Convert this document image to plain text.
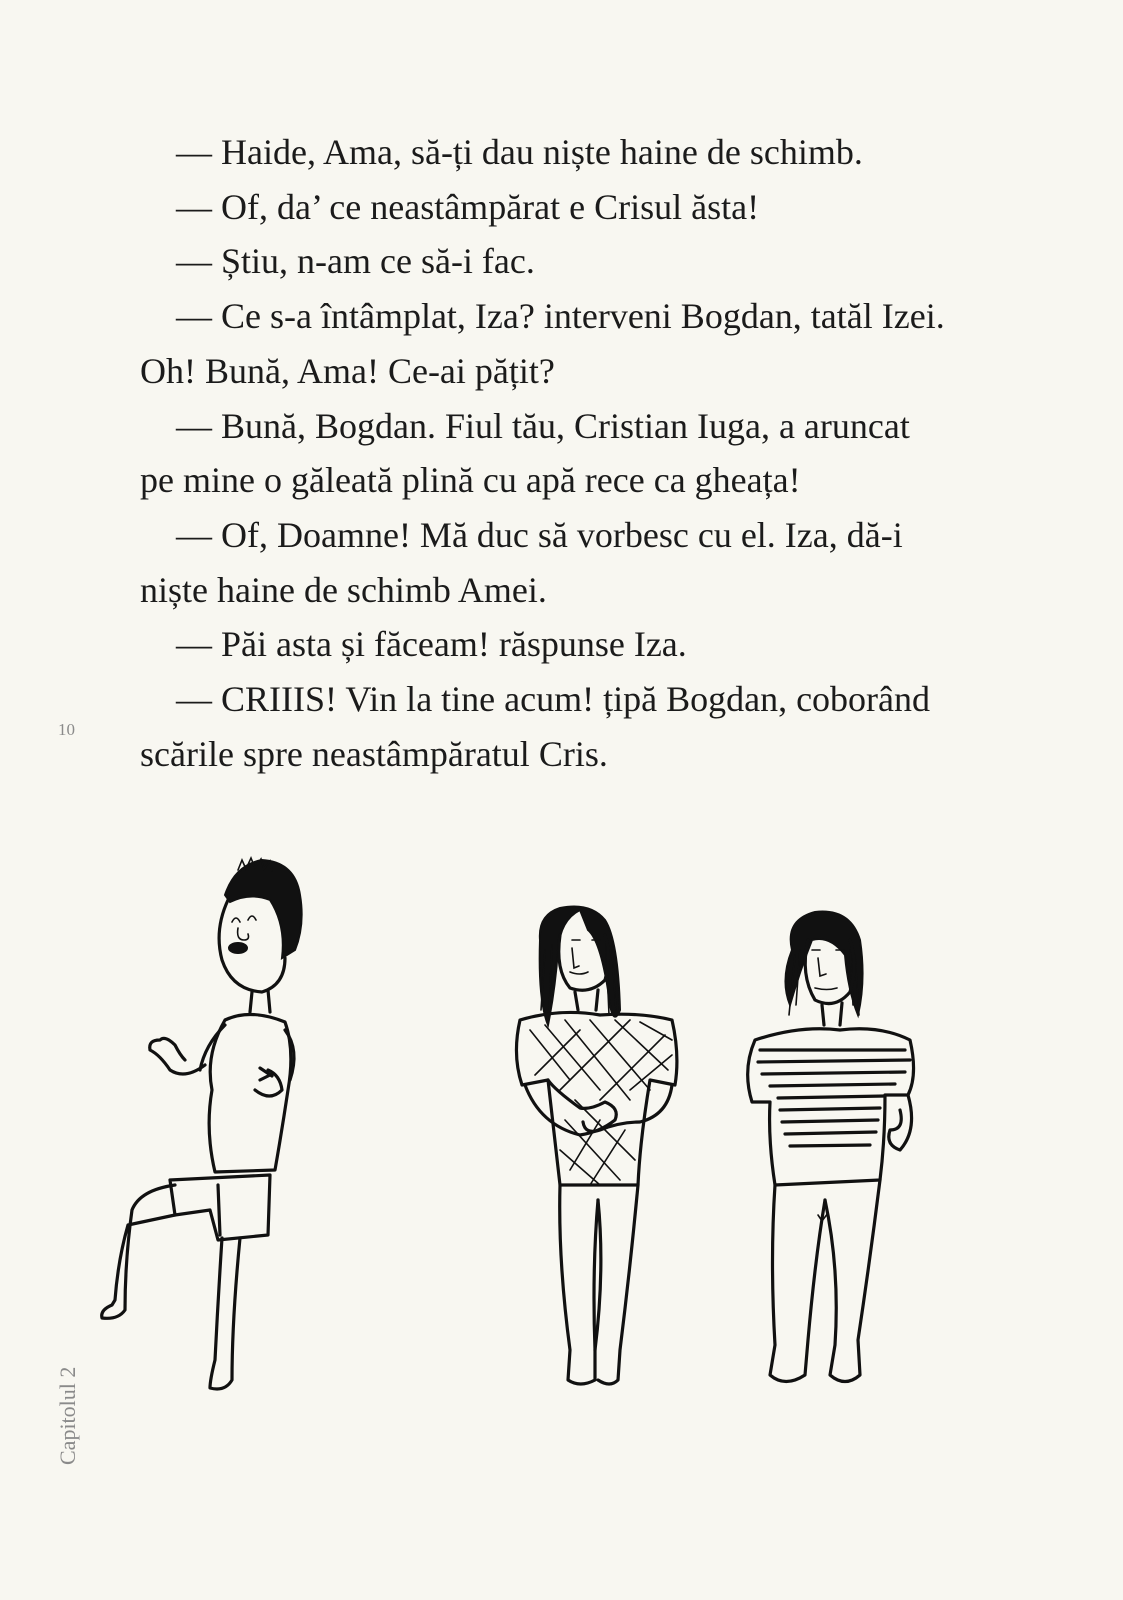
— Haide, Ama, să-ți dau niște haine de schimb.

— Of, da’ ce neastâmpărat e Crisul ăsta!

— Știu, n-am ce să-i fac.

— Ce s-a întâmplat, Iza? interveni Bogdan, tatăl Izei.

Oh! Bună, Ama! Ce-ai pățit?

— Bună, Bogdan. Fiul tău, Cristian Iuga, a aruncat

pe mine o găleată plină cu apă rece ca gheața!

— Of, Doamne! Mă duc să vorbesc cu el. Iza, dă-i

niște haine de schimb Amei.

— Păi asta și făceam! răspunse Iza.

— CRIIIS! Vin la tine acum! țipă Bogdan, coborând

scările spre neastâmpăratul Cris.

10
Capitolul 2
